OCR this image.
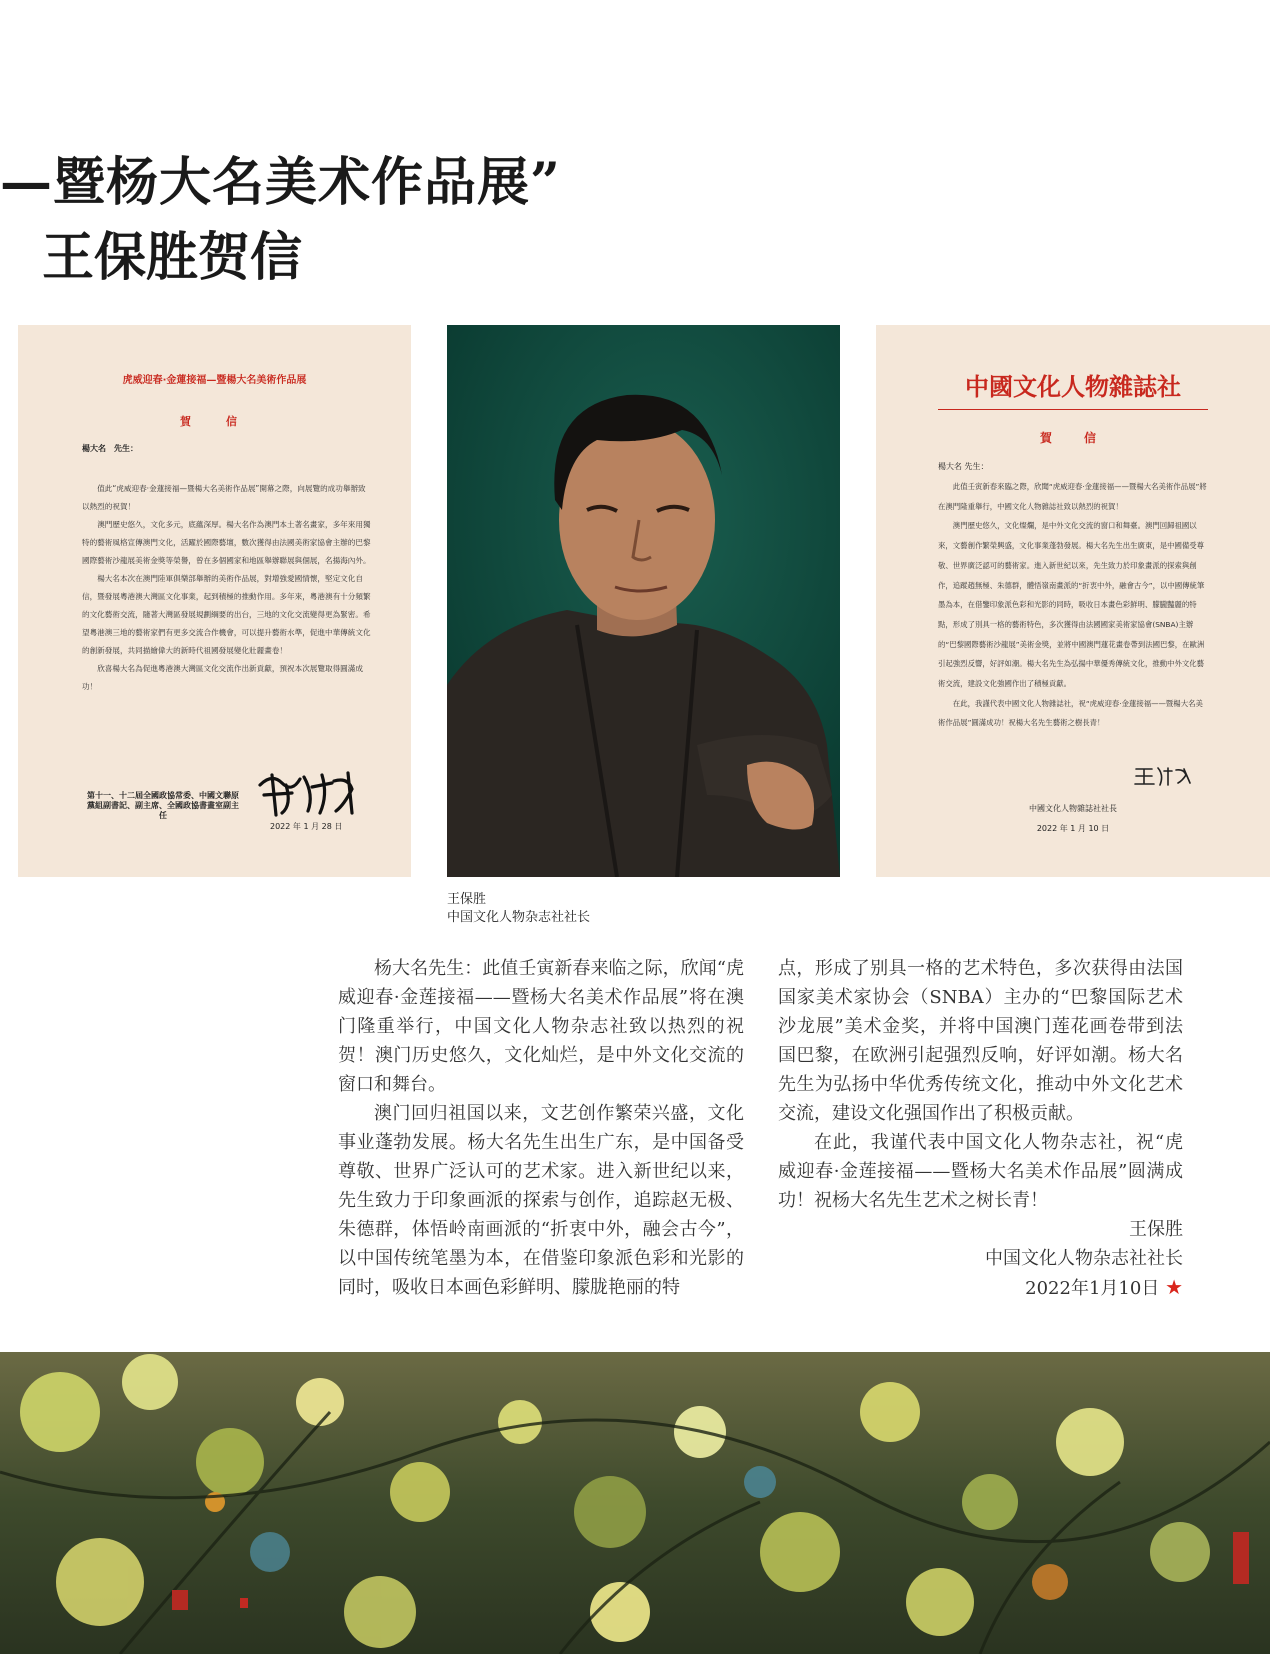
—暨杨大名美术作品展”
王保胜贺信
虎威迎春·金蓮接福—暨楊大名美術作品展
賀　信
楊大名　先生：

值此“虎威迎春·金蓮接福—暨楊大名美術作品展”開幕之際，向展覽的成功舉辦致以熱烈的祝賀！

澳門歷史悠久，文化多元，底蘊深厚。楊大名作為澳門本土著名畫家，多年來用獨特的藝術風格宣傳澳門文化，活躍於國際藝壇，數次獲得由法國美術家協會主辦的巴黎國際藝術沙龍展美術金獎等榮譽，曾在多個國家和地區舉辦聯展與個展，名揚海內外。

楊大名本次在澳門陸軍俱樂部舉辦的美術作品展，對增強愛國情懷，堅定文化自信，暨發展粵港澳大灣區文化事業，起到積極的推動作用。多年來，粵港澳有十分頻繁的文化藝術交流，隨著大灣區發展規劃綱要的出台，三地的文化交流變得更為緊密。希望粵港澳三地的藝術家們有更多交流合作機會，可以提升藝術水準，促進中華傳統文化的創新發展，共同描繪偉大的新時代祖國發展變化壯麗畫卷！

欣喜楊大名為促進粵港澳大灣區文化交流作出新貢獻，預祝本次展覽取得圓滿成功！

第十一、十二屆全國政協常委、中國文聯原黨組副書記、副主席、全國政協書畫室副主任
2022 年 1 月 28 日
王保胜
中国文化人物杂志社社长
中國文化人物雜誌社
賀　信
楊大名 先生：

此值壬寅新春來臨之際，欣聞“虎威迎春·金蓮接福——暨楊大名美術作品展”將在澳門隆重舉行，中國文化人物雜誌社致以熱烈的祝賀！

澳門歷史悠久，文化燦爛，是中外文化交流的窗口和舞臺。澳門回歸祖國以來，文藝創作繁榮興盛，文化事業蓬勃發展。楊大名先生出生廣東，是中國備受尊敬、世界廣泛認可的藝術家。進入新世紀以來，先生致力於印象畫派的探索與創作，追蹤趙無極、朱德群，體悟嶺南畫派的“折衷中外，融會古今”，以中國傳統筆墨為本，在借鑒印象派色彩和光影的同時，吸收日本畫色彩鮮明、朦朧豔麗的特點，形成了別具一格的藝術特色，多次獲得由法國國家美術家協會(SNBA)主辦的“巴黎國際藝術沙龍展”美術金獎，並將中國澳門蓮花畫卷帶到法國巴黎，在歐洲引起強烈反響，好評如潮。楊大名先生為弘揚中華優秀傳統文化，推動中外文化藝術交流，建設文化強國作出了積極貢獻。

在此，我謹代表中國文化人物雜誌社，祝“虎威迎春·金蓮接福——暨楊大名美術作品展”圓滿成功！祝楊大名先生藝術之樹長青！

中國文化人物雜誌社社長
2022 年 1 月 10 日

杨大名先生：此值壬寅新春来临之际，欣闻“虎威迎春·金莲接福——暨杨大名美术作品展”将在澳门隆重举行，中国文化人物杂志社致以热烈的祝贺！澳门历史悠久，文化灿烂，是中外文化交流的窗口和舞台。

澳门回归祖国以来，文艺创作繁荣兴盛，文化事业蓬勃发展。杨大名先生出生广东，是中国备受尊敬、世界广泛认可的艺术家。进入新世纪以来，先生致力于印象画派的探索与创作，追踪赵无极、朱德群，体悟岭南画派的“折衷中外，融会古今”，以中国传统笔墨为本，在借鉴印象派色彩和光影的同时，吸收日本画色彩鲜明、朦胧艳丽的特

点，形成了别具一格的艺术特色，多次获得由法国国家美术家协会（SNBA）主办的“巴黎国际艺术沙龙展”美术金奖，并将中国澳门莲花画卷带到法国巴黎，在欧洲引起强烈反响，好评如潮。杨大名先生为弘扬中华优秀传统文化，推动中外文化艺术交流，建设文化强国作出了积极贡献。

在此，我谨代表中国文化人物杂志社，祝“虎威迎春·金莲接福——暨杨大名美术作品展”圆满成功！祝杨大名先生艺术之树长青！

王保胜
中国文化人物杂志社社长
2022年1月10日 ★
